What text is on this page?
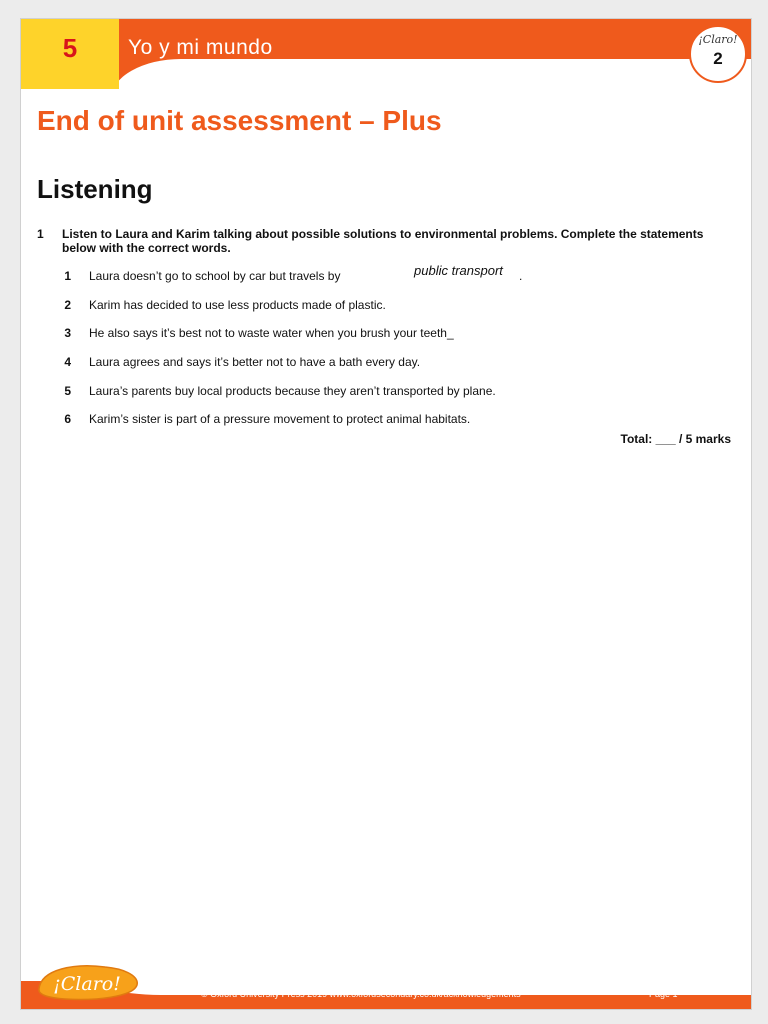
5	Yo y mi mundo	¡Claro!
2
End of unit assessment – Plus
Listening
1 Listen to Laura and Karim talking about possible solutions to environmental problems. Complete the statements below with the correct words.
1 Laura doesn’t go to school by car but travels by	public transport .
2 Karim has decided to use less products made of plastic.
3 He also says it’s best not to waste water when you brush your teeth_
4 Laura agrees and says it’s better not to have a bath every day.
5 Laura’s parents buy local products because they aren’t transported by plane.
6 Karim’s sister is part of a pressure movement to protect animal habitats.
Total: ___ / 5 marks
¡Claro!	© Oxford University Press 2019 www.oxfordsecondary.co.uk/acknowledgements	Page 1
